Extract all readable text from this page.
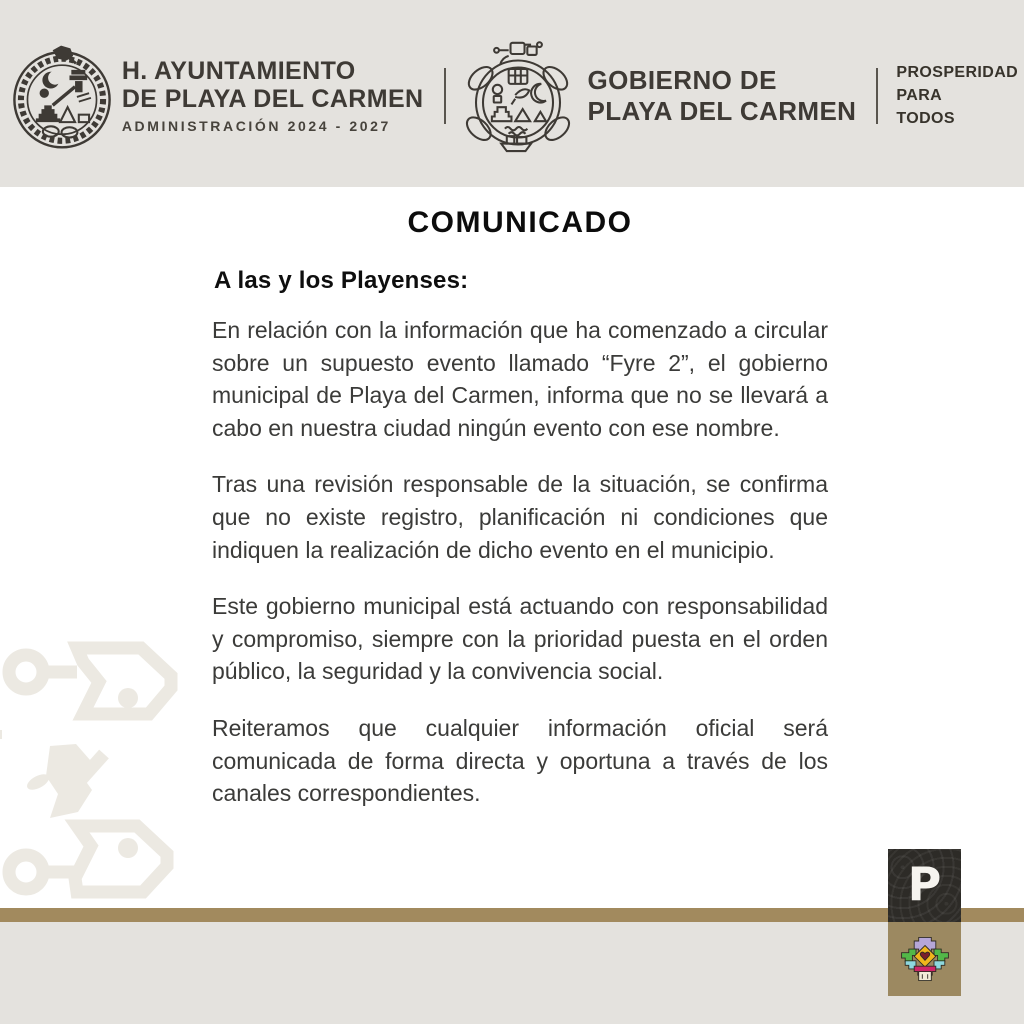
H. AYUNTAMIENTO
DE PLAYA DEL CARMEN
ADMINISTRACIÓN 2024 - 2027
GOBIERNO DE
PLAYA DEL CARMEN
PROSPERIDAD
PARA
TODOS
COMUNICADO
A las y los Playenses:

En relación con la información que ha comenzado a circular sobre un supuesto evento llamado “Fyre 2”, el gobierno municipal de Playa del Carmen, informa que no se llevará a cabo en nuestra ciudad ningún evento con ese nombre.

Tras una revisión responsable de la situación, se confirma que no existe registro, planificación ni condiciones que indiquen la realización de dicho evento en el municipio.

Este gobierno municipal está actuando con responsabilidad y compromiso, siempre con la prioridad puesta en el orden público, la seguridad y la convivencia social.

Reiteramos que cualquier información oficial será comunicada de forma directa y oportuna a través de los canales correspondientes.

P
